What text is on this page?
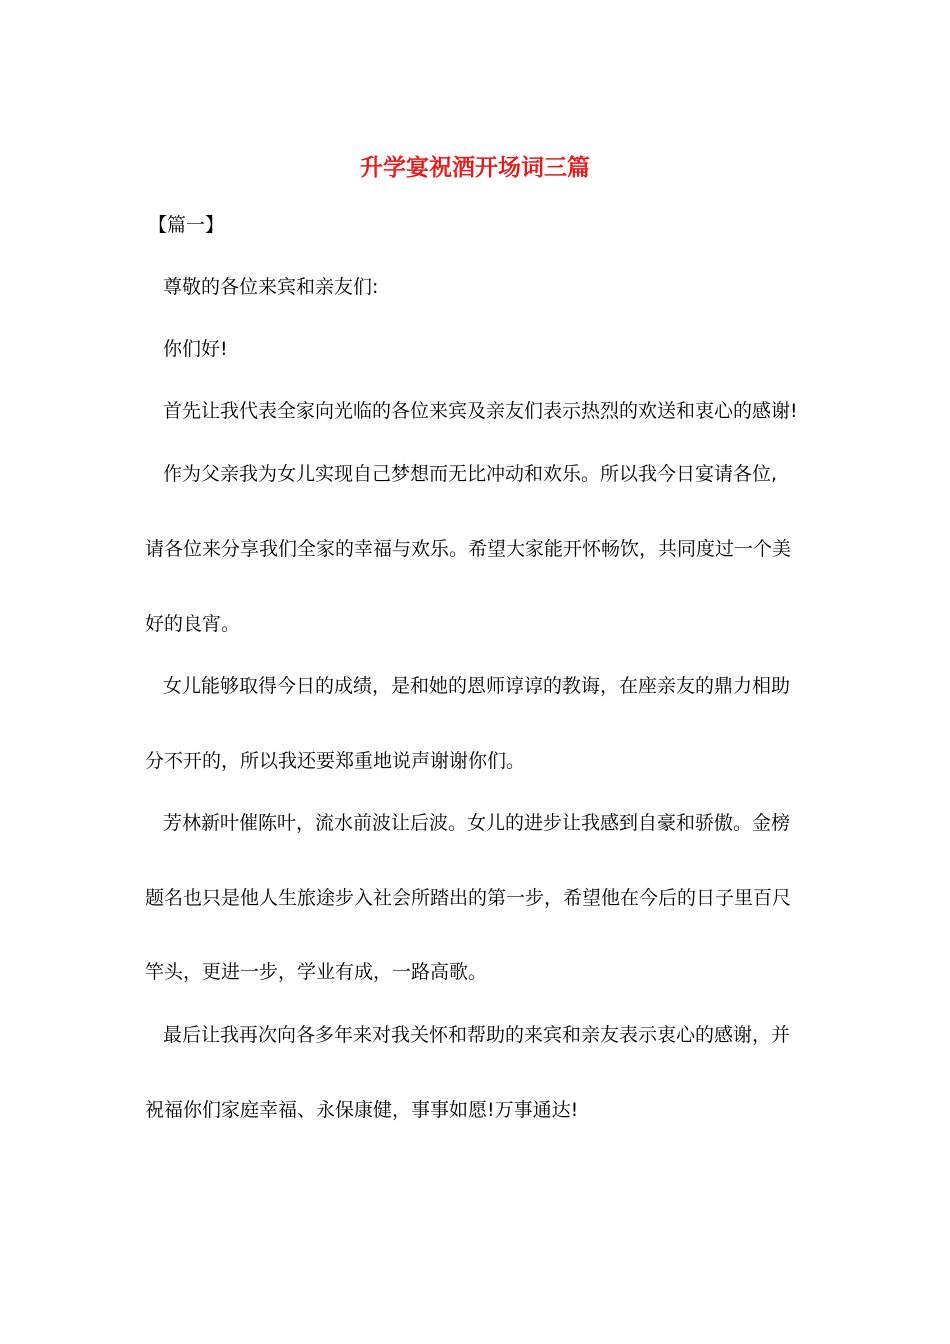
升学宴祝酒开场词三篇
【篇一】
尊敬的各位来宾和亲友们:
你们好!
首先让我代表全家向光临的各位来宾及亲友们表示热烈的欢送和衷心的感谢!
作为父亲我为女儿实现自己梦想而无比冲动和欢乐。所以我今日宴请各位,
请各位来分享我们全家的幸福与欢乐。希望大家能开怀畅饮，共同度过一个美
好的良宵。
女儿能够取得今日的成绩，是和她的恩师谆谆的教诲，在座亲友的鼎力相助
分不开的，所以我还要郑重地说声谢谢你们。
芳林新叶催陈叶，流水前波让后波。女儿的进步让我感到自豪和骄傲。金榜
题名也只是他人生旅途步入社会所踏出的第一步，希望他在今后的日子里百尺
竿头，更进一步，学业有成，一路高歌。
最后让我再次向各多年来对我关怀和帮助的来宾和亲友表示衷心的感谢，并
祝福你们家庭幸福、永保康健，事事如愿!万事通达!
